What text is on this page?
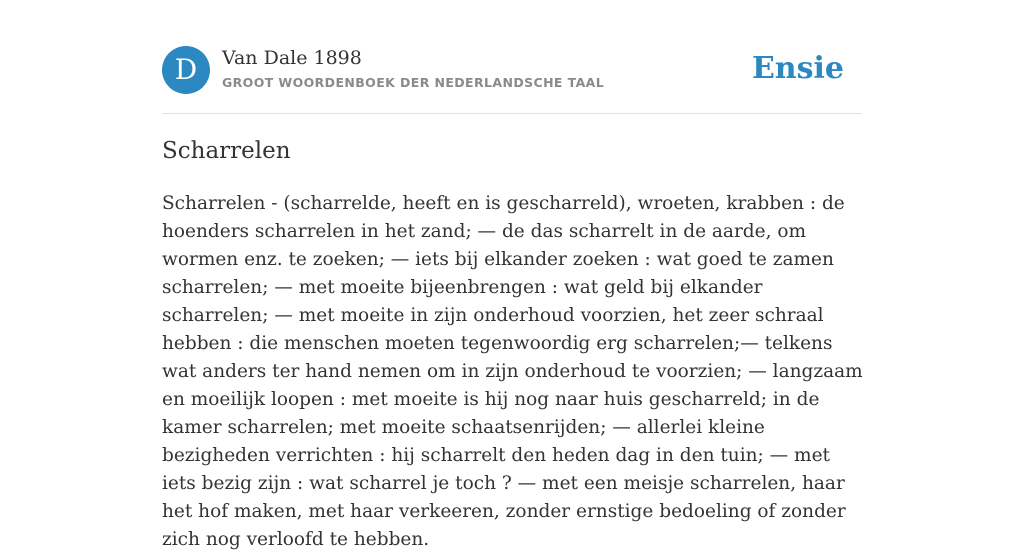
D	Van Dale 1898
GROOT WOORDENBOEK DER NEDERLANDSCHE TAAL	Ensie
Scharrelen

Scharrelen - (scharrelde, heeft en is gescharreld), wroeten, krabben : de hoenders scharrelen in het zand; — de das scharrelt in de aarde, om wormen enz. te zoeken; — iets bij elkander zoeken : wat goed te zamen scharrelen; — met moeite bijeenbrengen : wat geld bij elkander scharrelen; — met moeite in zijn onderhoud voorzien, het zeer schraal hebben : die menschen moeten tegenwoordig erg scharrelen;— telkens wat anders ter hand nemen om in zijn onderhoud te voorzien; — langzaam en moeilijk loopen : met moeite is hij nog naar huis gescharreld; in de kamer scharrelen; met moeite schaatsenrijden; — allerlei kleine bezigheden verrichten : hij scharrelt den heden dag in den tuin; — met iets bezig zijn : wat scharrel je toch ? — met een meisje scharrelen, haar het hof maken, met haar verkeeren, zonder ernstige bedoeling of zonder zich nog verloofd te hebben.
